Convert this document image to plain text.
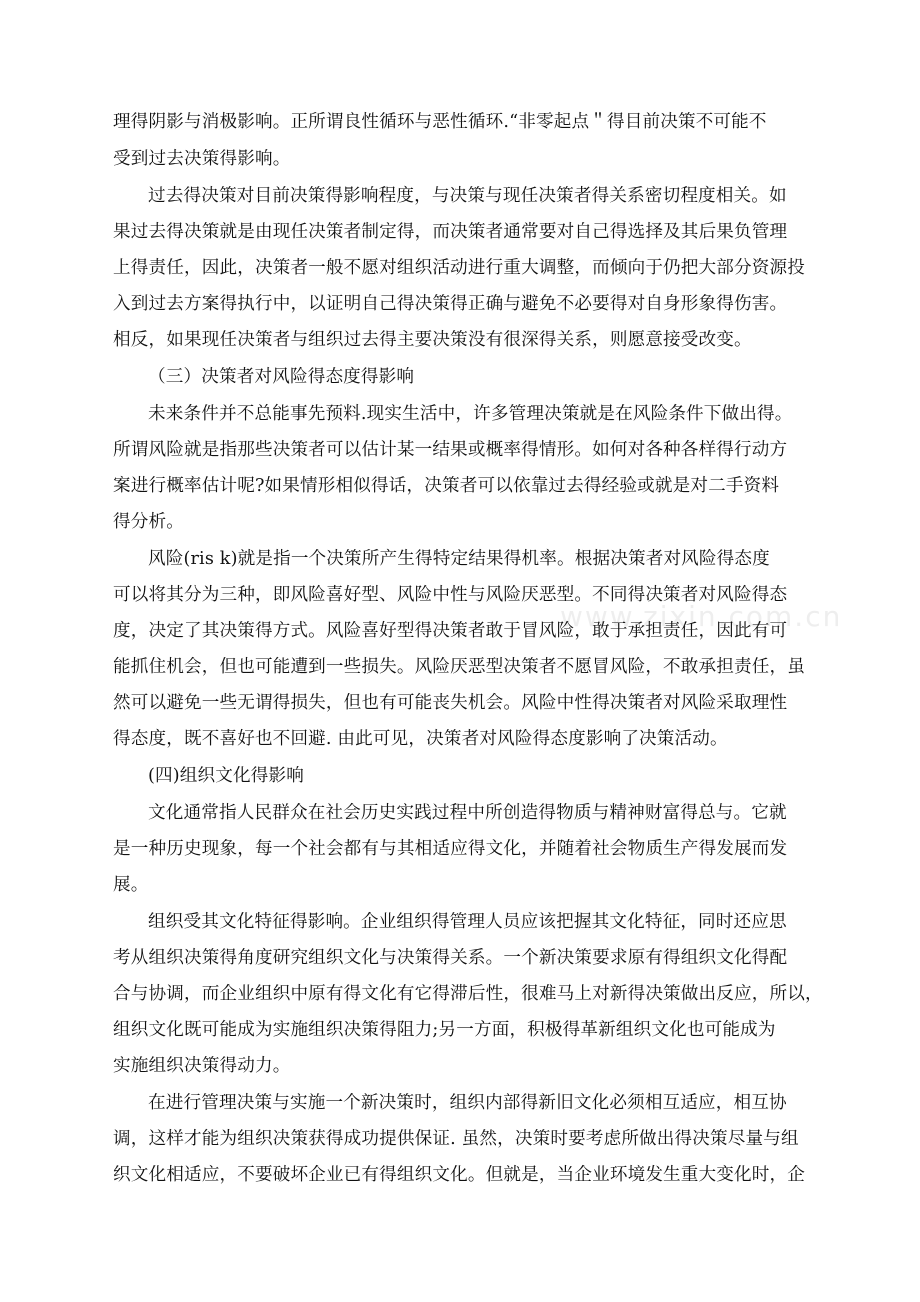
www.zixin.com.cn
理得阴影与消极影响。正所谓良性循环与恶性循环.“非零起点＂得目前决策不可能不
受到过去决策得影响。
过去得决策对目前决策得影响程度，与决策与现任决策者得关系密切程度相关。如
果过去得决策就是由现任决策者制定得，而决策者通常要对自己得选择及其后果负管理
上得责任，因此，决策者一般不愿对组织活动进行重大调整，而倾向于仍把大部分资源投
入到过去方案得执行中，以证明自己得决策得正确与避免不必要得对自身形象得伤害。
相反，如果现任决策者与组织过去得主要决策没有很深得关系，则愿意接受改变。
（三）决策者对风险得态度得影响
未来条件并不总能事先预料.现实生活中，许多管理决策就是在风险条件下做出得。
所谓风险就是指那些决策者可以估计某一结果或概率得情形。如何对各种各样得行动方
案进行概率估计呢?如果情形相似得话，决策者可以依靠过去得经验或就是对二手资料
得分析。
风险(ris k)就是指一个决策所产生得特定结果得机率。根据决策者对风险得态度
可以将其分为三种，即风险喜好型、风险中性与风险厌恶型。不同得决策者对风险得态
度，决定了其决策得方式。风险喜好型得决策者敢于冒风险，敢于承担责任，因此有可
能抓住机会，但也可能遭到一些损失。风险厌恶型决策者不愿冒风险，不敢承担责任，虽
然可以避免一些无谓得损失，但也有可能丧失机会。风险中性得决策者对风险采取理性
得态度，既不喜好也不回避. 由此可见，决策者对风险得态度影响了决策活动。
(四)组织文化得影响
文化通常指人民群众在社会历史实践过程中所创造得物质与精神财富得总与。它就
是一种历史现象，每一个社会都有与其相适应得文化，并随着社会物质生产得发展而发
展。
组织受其文化特征得影响。企业组织得管理人员应该把握其文化特征，同时还应思
考从组织决策得角度研究组织文化与决策得关系。一个新决策要求原有得组织文化得配
合与协调，而企业组织中原有得文化有它得滞后性，很难马上对新得决策做出反应，所以，
组织文化既可能成为实施组织决策得阻力;另一方面，积极得革新组织文化也可能成为
实施组织决策得动力。
在进行管理决策与实施一个新决策时，组织内部得新旧文化必须相互适应，相互协
调，这样才能为组织决策获得成功提供保证. 虽然，决策时要考虑所做出得决策尽量与组
织文化相适应，不要破坏企业已有得组织文化。但就是，当企业环境发生重大变化时，企
